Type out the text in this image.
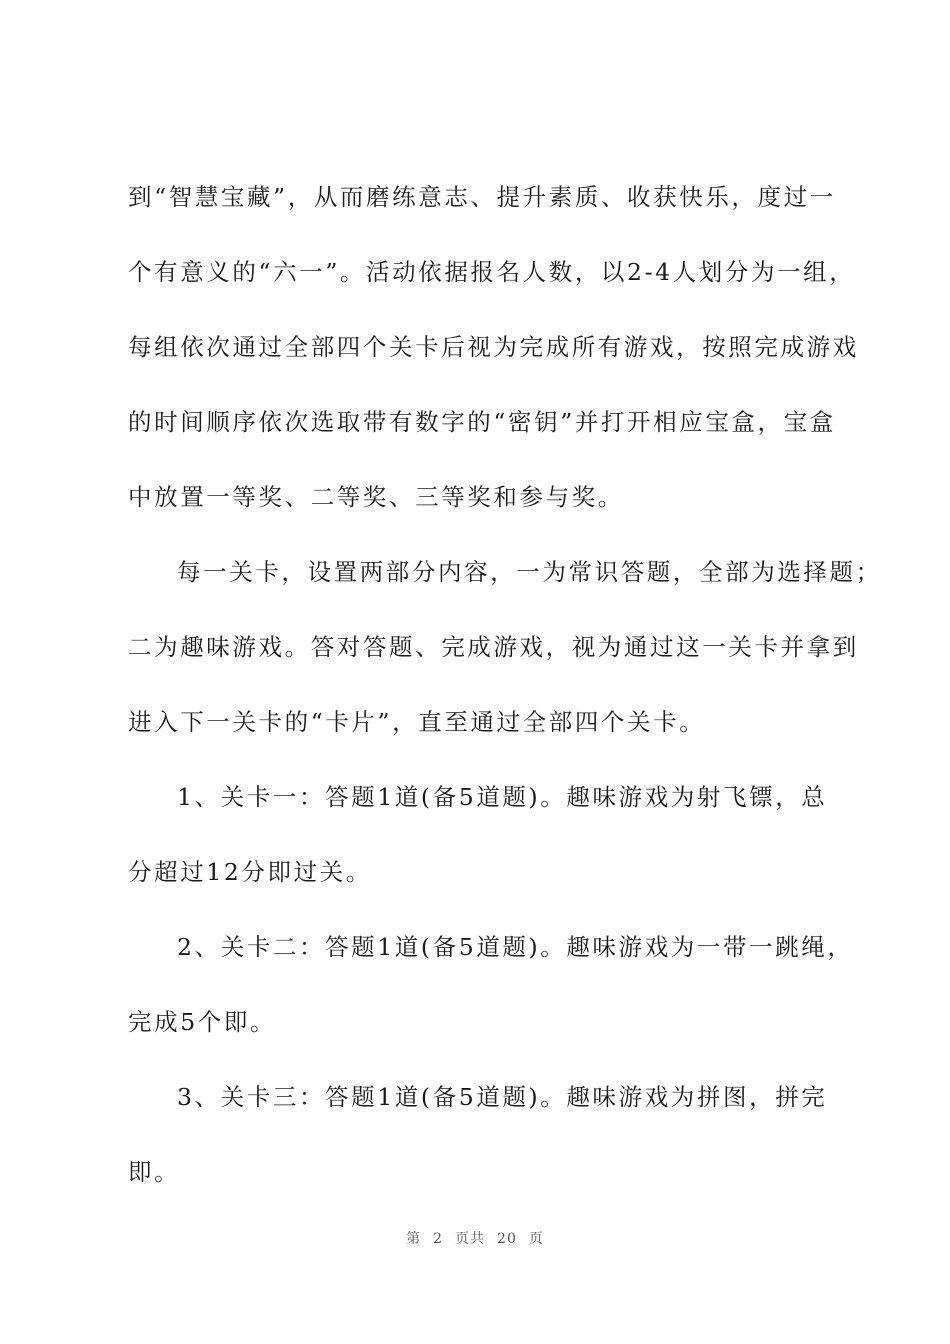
到“智慧宝藏”，从而磨练意志、提升素质、收获快乐，度过一
个有意义的“六一”。活动依据报名人数，以2-4人划分为一组，
每组依次通过全部四个关卡后视为完成所有游戏，按照完成游戏
的时间顺序依次选取带有数字的“密钥”并打开相应宝盒，宝盒
中放置一等奖、二等奖、三等奖和参与奖。
每一关卡，设置两部分内容，一为常识答题，全部为选择题；
二为趣味游戏。答对答题、完成游戏，视为通过这一关卡并拿到
进入下一关卡的“卡片”，直至通过全部四个关卡。
1、关卡一：答题1道(备5道题)。趣味游戏为射飞镖，总
分超过12分即过关。
2、关卡二：答题1道(备5道题)。趣味游戏为一带一跳绳，
完成5个即。
3、关卡三：答题1道(备5道题)。趣味游戏为拼图，拼完
即。
第 2 页共 20 页
